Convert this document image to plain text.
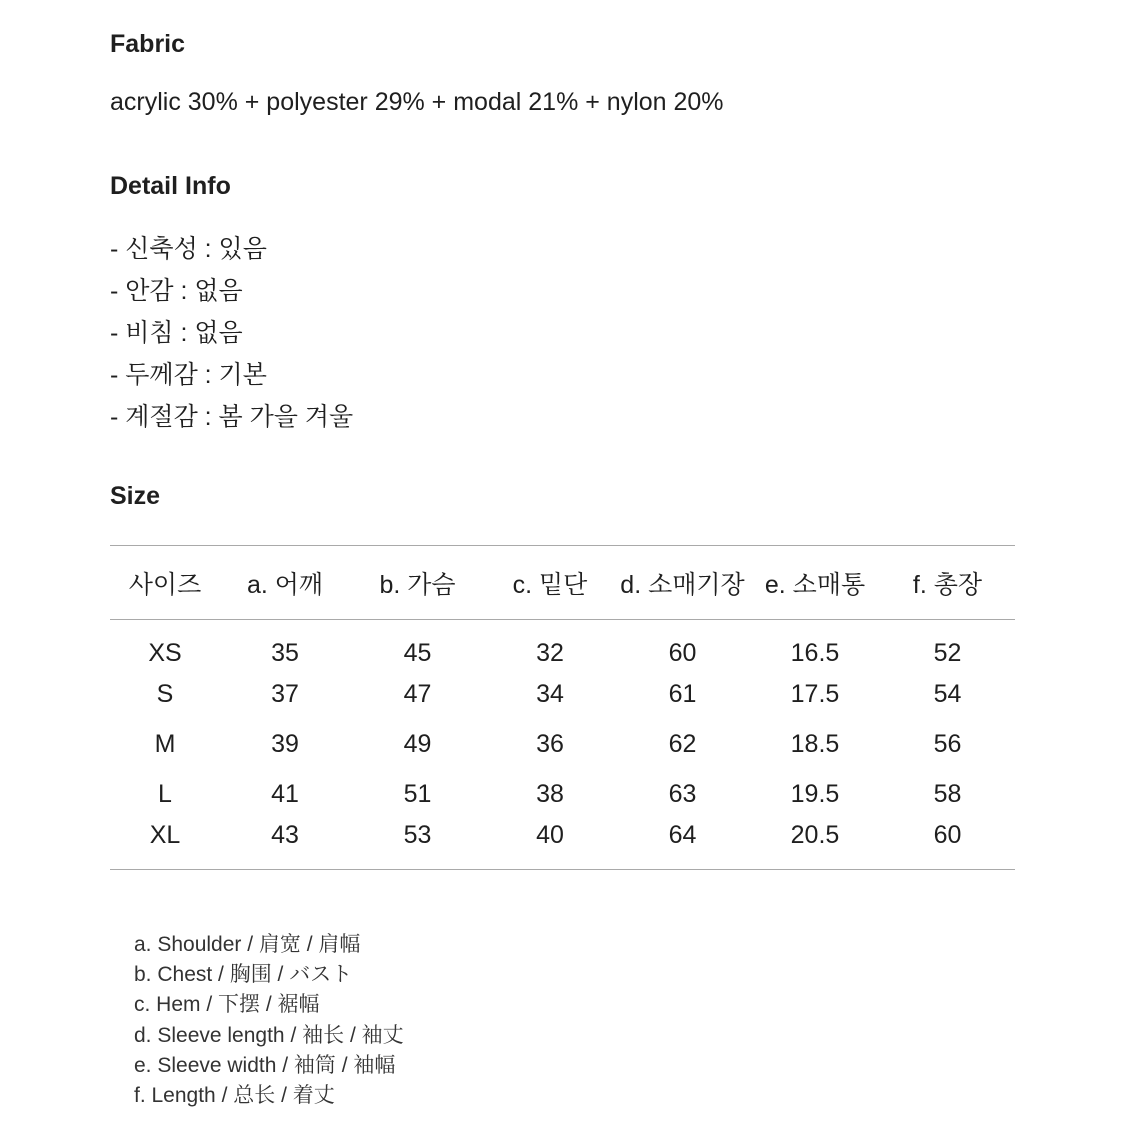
Fabric
acrylic 30% + polyester 29% + modal 21% + nylon 20%
Detail Info
- 신축성 : 있음
- 안감 : 없음
- 비침 : 없음
- 두께감 : 기본
- 계절감 : 봄 가을 겨울
Size
사이즈	a. 어깨	b. 가슴	c. 밑단	d. 소매기장	e. 소매통	f. 총장
XS	35	45	32	60	16.5	52
S	37	47	34	61	17.5	54
M	39	49	36	62	18.5	56
L	41	51	38	63	19.5	58
XL	43	53	40	64	20.5	60
a. Shoulder / 肩宽 / 肩幅
b. Chest / 胸围 / バスト
c. Hem / 下摆 / 裾幅
d. Sleeve length / 袖长 / 袖丈
e. Sleeve width / 袖筒 / 袖幅
f. Length / 总长 / 着丈
